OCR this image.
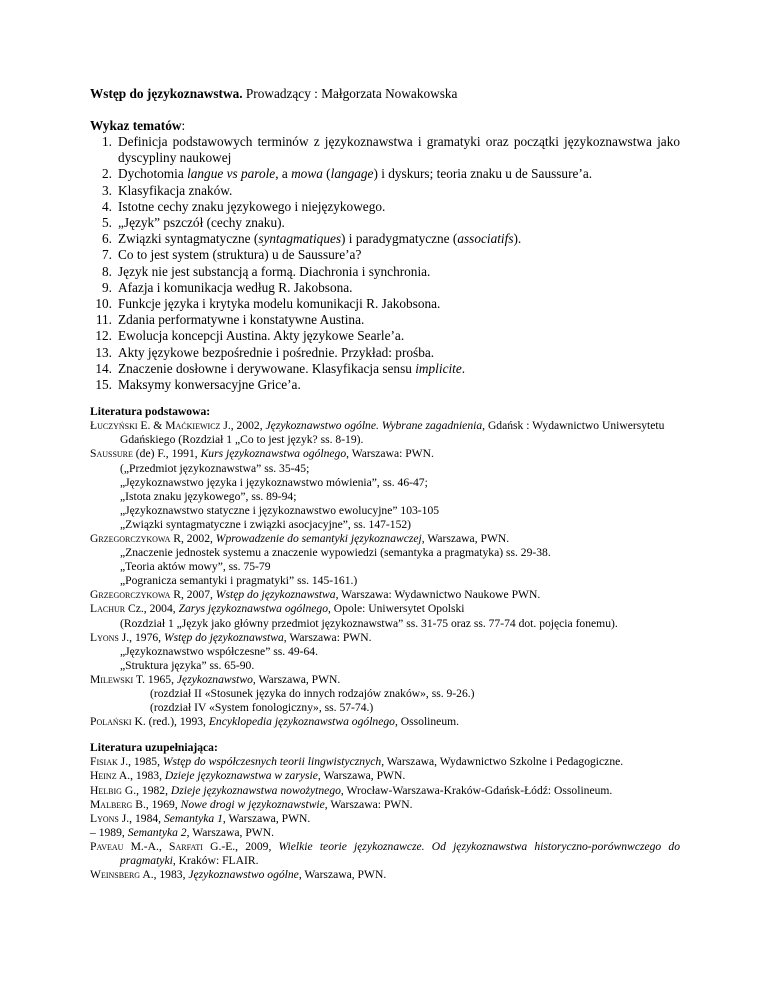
Wstęp do językoznawstwa. Prowadzący : Małgorzata Nowakowska

Wykaz tematów:

1. Definicja podstawowych terminów z językoznawstwa i gramatyki oraz początki językoznawstwa jako dyscypliny naukowej
2. Dychotomia langue vs parole, a mowa (langage) i dyskurs; teoria znaku u de Saussure’a.
3. Klasyfikacja znaków.
4. Istotne cechy znaku językowego i niejęzykowego.
5. „Język” pszczół (cechy znaku).
6. Związki syntagmatyczne (syntagmatiques) i paradygmatyczne (associatifs).
7. Co to jest system (struktura) u de Saussure’a?
8. Język nie jest substancją a formą. Diachronia i synchronia.
9. Afazja i komunikacja według R. Jakobsona.
10. Funkcje języka i krytyka modelu komunikacji R. Jakobsona.
11. Zdania performatywne i konstatywne Austina.
12. Ewolucja koncepcji Austina. Akty językowe Searle’a.
13. Akty językowe bezpośrednie i pośrednie. Przykład: prośba.
14. Znaczenie dosłowne i derywowane. Klasyfikacja sensu implicite.
15. Maksymy konwersacyjne Grice’a.

Literatura podstawowa:

Łuczyński E. & Maćkiewicz J., 2002, Językoznawstwo ogólne. Wybrane zagadnienia, Gdańsk : Wydawnictwo Uniwersytetu Gdańskiego (Rozdział 1 „Co to jest język? ss. 8-19).
Saussure (de) F., 1991, Kurs językoznawstwa ogólnego, Warszawa: PWN.
(„Przedmiot językoznawstwa” ss. 35-45;
„Językoznawstwo języka i językoznawstwo mówienia”, ss. 46-47;
„Istota znaku językowego”, ss. 89-94;
„Językoznawstwo statyczne i językoznawstwo ewolucyjne” 103-105
„Związki syntagmatyczne i związki asocjacyjne”, ss. 147-152)
Grzegorczykowa R, 2002, Wprowadzenie do semantyki językoznawczej, Warszawa, PWN.
„Znaczenie jednostek systemu a znaczenie wypowiedzi (semantyka a pragmatyka) ss. 29-38.
„Teoria aktów mowy”, ss. 75-79
„Pogranicza semantyki i pragmatyki” ss. 145-161.)
Grzegorczykowa R, 2007, Wstęp do językoznawstwa, Warszawa: Wydawnictwo Naukowe PWN.
Lachur Cz., 2004, Zarys językoznawstwa ogólnego, Opole: Uniwersytet Opolski
(Rozdział 1 „Język jako główny przedmiot językoznawstwa” ss. 31-75 oraz ss. 77-74 dot. pojęcia fonemu).
Lyons J., 1976, Wstęp do językoznawstwa, Warszawa: PWN.
„Językoznawstwo współczesne” ss. 49-64.
„Struktura języka” ss. 65-90.
Milewski T. 1965, Językoznawstwo, Warszawa, PWN.
(rozdział II «Stosunek języka do innych rodzajów znaków», ss. 9-26.)
(rozdział IV «System fonologiczny», ss. 57-74.)
Polański K. (red.), 1993, Encyklopedia językoznawstwa ogólnego, Ossolineum.

Literatura uzupełniająca:

Fisiak J., 1985, Wstęp do współczesnych teorii lingwistycznych, Warszawa, Wydawnictwo Szkolne i Pedagogiczne.
Heinz A., 1983, Dzieje językoznawstwa w zarysie, Warszawa, PWN.
Helbig G., 1982, Dzieje językoznawstwa nowożytnego, Wrocław-Warszawa-Kraków-Gdańsk-Łódź: Ossolineum.
Malberg B., 1969, Nowe drogi w językoznawstwie, Warszawa: PWN.
Lyons J., 1984, Semantyka 1, Warszawa, PWN.
– 1989, Semantyka 2, Warszawa, PWN.
Paveau M.-A., Sarfati G.-E., 2009, Wielkie teorie językoznawcze. Od językoznawstwa historyczno-porównwczego do pragmatyki, Kraków: FLAIR.
Weinsberg A., 1983, Językoznawstwo ogólne, Warszawa, PWN.
